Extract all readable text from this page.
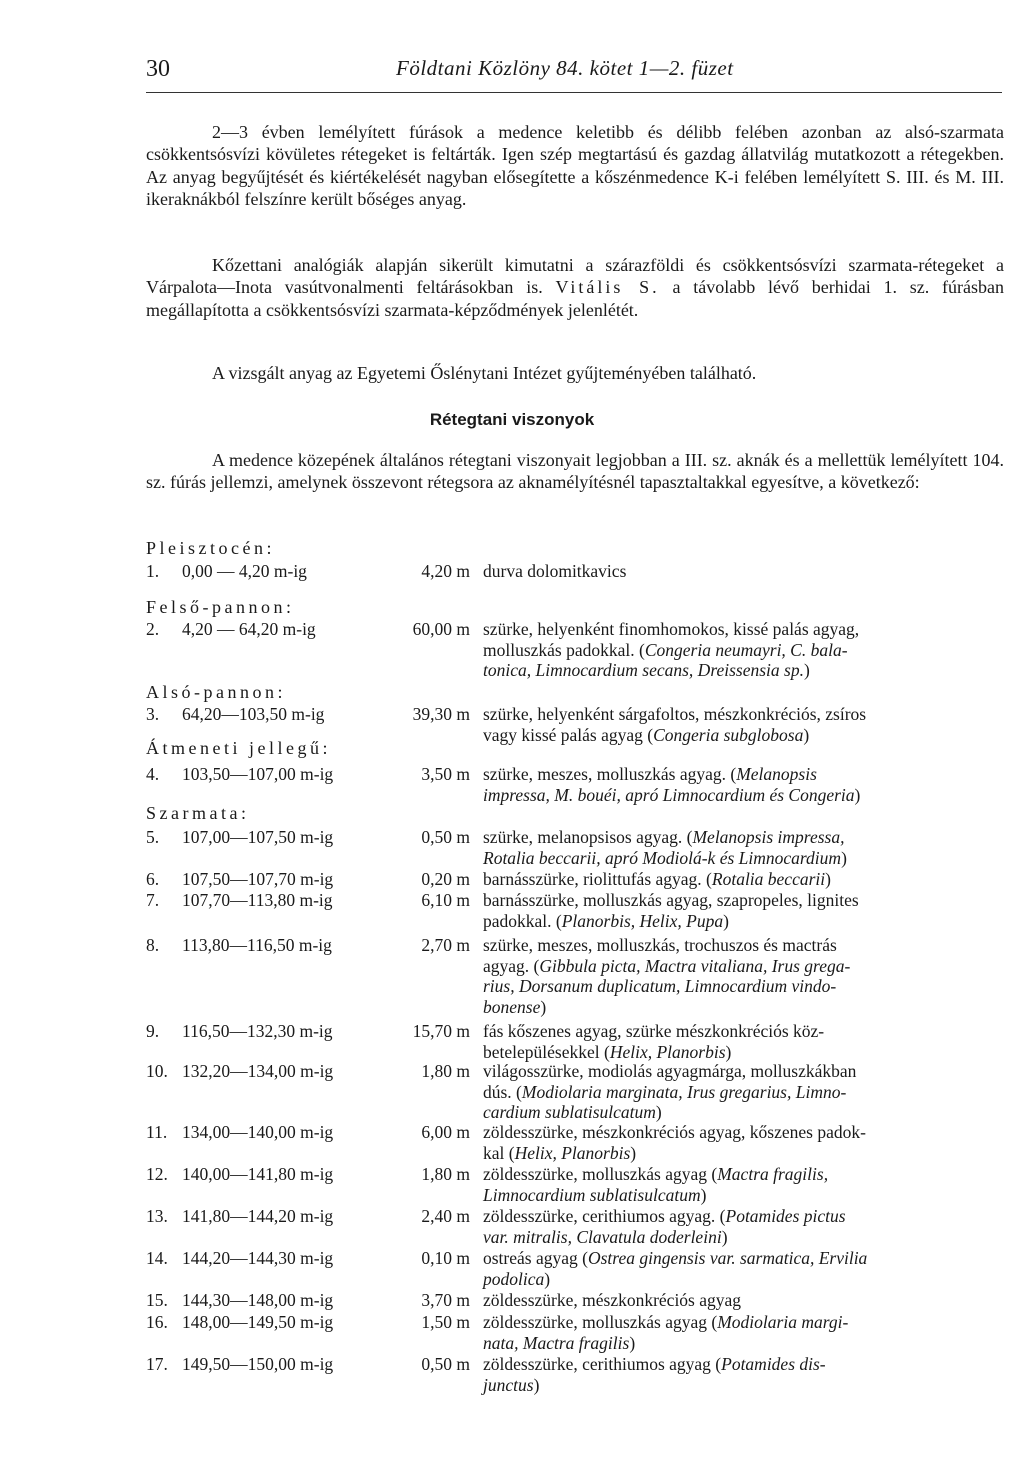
30	Földtani Közlöny 84. kötet 1—2. füzet

2—3 évben lemélyített fúrások a medence keletibb és délibb felében azonban az alsó-szarmata csökkentsósvízi kövületes rétegeket is feltárták. Igen szép megtartású és gazdag állatvilág mutatkozott a rétegekben. Az anyag begyűjtését és kiértékelését nagyban elősegítette a kőszénmedence K-i felében lemélyített S. III. és M. III. ikeraknákból felszínre került bőséges anyag.

Kőzettani analógiák alapján sikerült kimutatni a szárazföldi és csökkentsósvízi szarmata-rétegeket a Várpalota—Inota vasútvonalmenti feltárásokban is. Vitális S. a távolabb lévő berhidai 1. sz. fúrásban megállapította a csökkentsósvízi szarmata-képződmények jelenlétét.

A vizsgált anyag az Egyetemi Őslénytani Intézet gyűjteményében található.

Rétegtani viszonyok

A medence közepének általános rétegtani viszonyait legjobban a III. sz. aknák és a mellettük lemélyített 104. sz. fúrás jellemzi, amelynek összevont rétegsora az aknamélyítésnél tapasztaltakkal egyesítve, a következő:

Pleisztocén:
Felső-pannon:
Alsó-pannon:
Átmeneti jellegű:
Szarmata:
1.	0,00 — 4,20 m-ig	4,20 m durva dolomitkavics
2.	4,20 — 64,20 m-ig	60,00 m szürke, helyenként finomhomokos, kissé palás agyag,
molluszkás padokkal. (Congeria neumayri, C. bala-
tonica, Limnocardium secans, Dreissensia sp.)
3.	64,20—103,50 m-ig	39,30 m szürke, helyenként sárgafoltos, mészkonkréciós, zsíros
vagy kissé palás agyag (Congeria subglobosa)
4.	103,50—107,00 m-ig	3,50 m szürke, meszes, molluszkás agyag. (Melanopsis
impressa, M. bouéi, apró Limnocardium és Congeria)
5.	107,00—107,50 m-ig	0,50 m szürke, melanopsisos agyag. (Melanopsis impressa,
Rotalia beccarii, apró Modiolá-k és Limnocardium)
6.	107,50—107,70 m-ig	0,20 m barnásszürke, riolittufás agyag. (Rotalia beccarii)
7.	107,70—113,80 m-ig	6,10 m barnásszürke, molluszkás agyag, szapropeles, lignites
padokkal. (Planorbis, Helix, Pupa)
8.	113,80—116,50 m-ig	2,70 m szürke, meszes, molluszkás, trochuszos és mactrás
agyag. (Gibbula picta, Mactra vitaliana, Irus grega-
rius, Dorsanum duplicatum, Limnocardium vindo-
bonense)
9.	116,50—132,30 m-ig	15,70 m fás kőszenes agyag, szürke mészkonkréciós köz-
betelepülésekkel (Helix, Planorbis)
10. 132,20—134,00 m-ig	1,80 m világosszürke, modiolás agyagmárga, molluszkákban
dús. (Modiolaria marginata, Irus gregarius, Limno-
cardium sublatisulcatum)
11. 134,00—140,00 m-ig	6,00 m zöldesszürke, mészkonkréciós agyag, kőszenes padok-
kal (Helix, Planorbis)
12. 140,00—141,80 m-ig	1,80 m zöldesszürke, molluszkás agyag (Mactra fragilis,
Limnocardium sublatisulcatum)
13. 141,80—144,20 m-ig	2,40 m zöldesszürke, cerithiumos agyag. (Potamides pictus
var. mitralis, Clavatula doderleini)
14. 144,20—144,30 m-ig	0,10 m ostreás agyag (Ostrea gingensis var. sarmatica, Ervilia
podolica)
15. 144,30—148,00 m-ig	3,70 m zöldesszürke, mészkonkréciós agyag
16. 148,00—149,50 m-ig	1,50 m zöldesszürke, molluszkás agyag (Modiolaria margi-
nata, Mactra fragilis)
17. 149,50—150,00 m-ig	0,50 m zöldesszürke, cerithiumos agyag (Potamides dis-
junctus)
